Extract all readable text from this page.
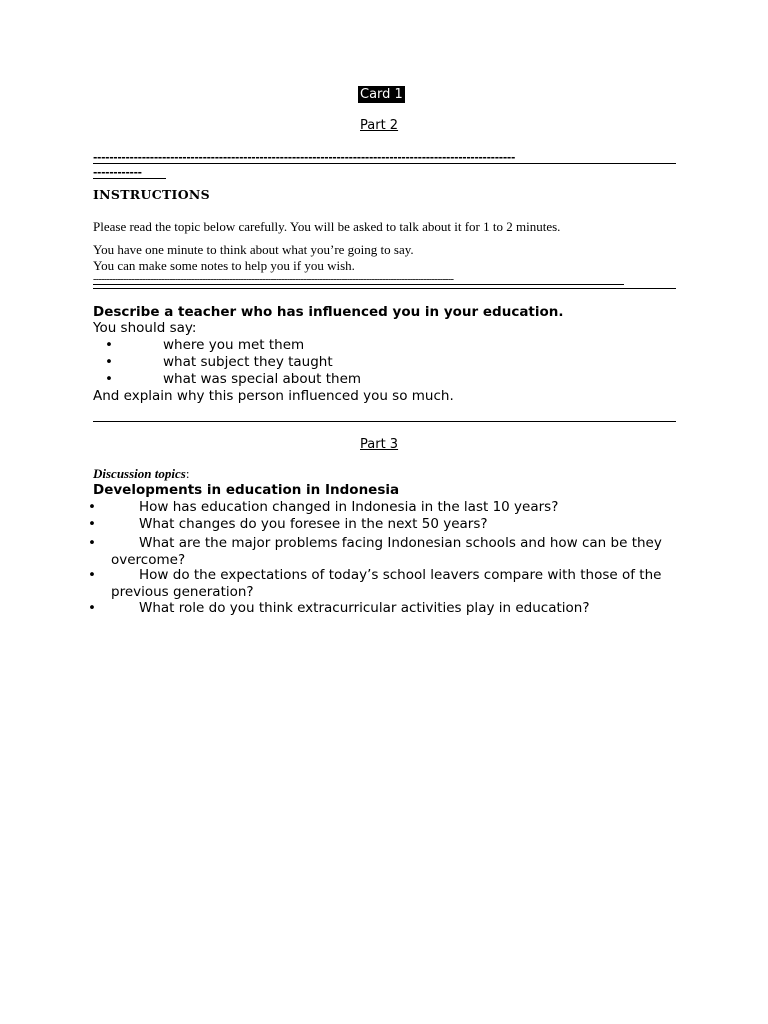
Card 1
Part 2
--------------------------------------------------------------------------------------------------------
------------
INSTRUCTIONS
Please read the topic below carefully. You will be asked to talk about it for 1 to 2 minutes.
You have one minute to think about what you’re going to say.
You can make some notes to help you if you wish.
------------------------------------------------------------------------------------------------------------------------------------
Describe a teacher who has influenced you in your education.
You should say:
•	where you met them
•	what subject they taught
•	what was special about them
And explain why this person influenced you so much.
Part 3
Discussion topics:
Developments in education in Indonesia
•	How has education changed in Indonesia in the last 10 years?
•	What changes do you foresee in the next 50 years?
•	What are the major problems facing Indonesian schools and how can be they overcome?
•	How do the expectations of today’s school leavers compare with those of the previous generation?
•	What role do you think extracurricular activities play in education?
